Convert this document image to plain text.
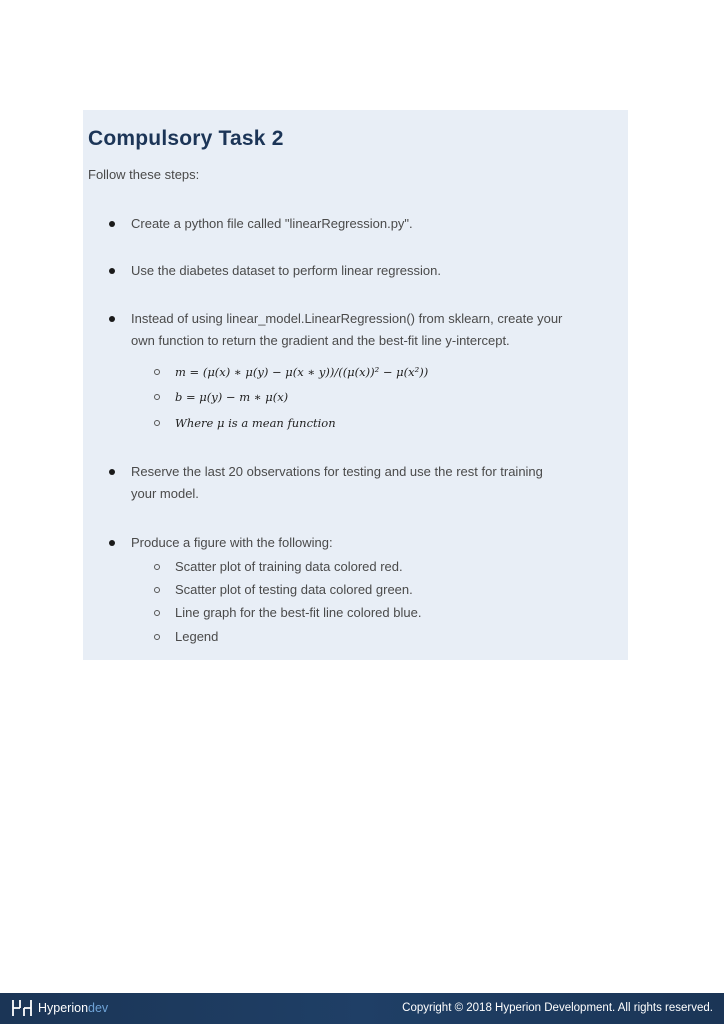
Compulsory Task 2
Follow these steps:
Create a python file called "linearRegression.py".
Use the diabetes dataset to perform linear regression.
Instead of using linear_model.LinearRegression() from sklearn, create your
own function to return the gradient and the best-fit line y-intercept.
m = (μ(x) ∗ μ(y) − μ(x ∗ y))/((μ(x))² − μ(x²))
b = μ(y) − m ∗ μ(x)
Where μ is a mean function
Reserve the last 20 observations for testing and use the rest for training
your model.
Produce a figure with the following:
Scatter plot of training data colored red.
Scatter plot of testing data colored green.
Line graph for the best-fit line colored blue.
Legend
Hyperiondev	Copyright © 2018 Hyperion Development. All rights reserved.
